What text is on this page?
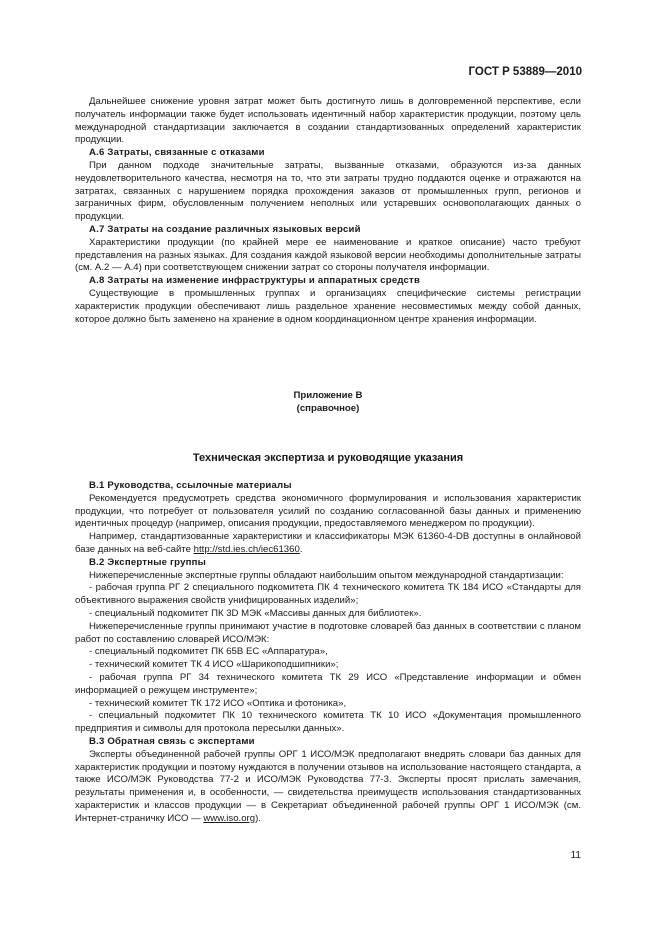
ГОСТ Р 53889—2010

Дальнейшее снижение уровня затрат может быть достигнуто лишь в долговременной перспективе, если получатель информации также будет использовать идентичный набор характеристик продукции, поэтому цель международной стандартизации заключается в создании стандартизованных определений характеристик продукции.

А.6 Затраты, связанные с отказами

При данном подходе значительные затраты, вызванные отказами, образуются из-за данных неудовлетворительного качества, несмотря на то, что эти затраты трудно поддаются оценке и отражаются на затратах, связанных с нарушением порядка прохождения заказов от промышленных групп, регионов и заграничных фирм, обусловленным получением неполных или устаревших основополагающих данных о продукции.

А.7 Затраты на создание различных языковых версий

Характеристики продукции (по крайней мере ее наименование и краткое описание) часто требуют представления на разных языках. Для создания каждой языковой версии необходимы дополнительные затраты (см. А.2 — А.4) при соответствующем снижении затрат со стороны получателя информации.

А.8 Затраты на изменение инфраструктуры и аппаратных средств

Существующие в промышленных группах и организациях специфические системы регистрации характеристик продукции обеспечивают лишь раздельное хранение несовместимых между собой данных, которое должно быть заменено на хранение в одном координационном центре хранения информации.

Приложение В
(справочное)
Техническая экспертиза и руководящие указания

В.1 Руководства, ссылочные материалы

Рекомендуется предусмотреть средства экономичного формулирования и использования характеристик продукции, что потребует от пользователя усилий по созданию согласованной базы данных и применению идентичных процедур (например, описания продукции, предоставляемого менеджером по продукции).

Например, стандартизованные характеристики и классификаторы МЭК 61360-4-DB доступны в онлайновой базе данных на веб-сайте http://std.ies.ch/iec61360.

В.2 Экспертные группы

Нижеперечисленные экспертные группы обладают наибольшим опытом международной стандартизации:

- рабочая группа РГ 2 специального подкомитета ПК 4 технического комитета ТК 184 ИСО «Стандарты для объективного выражения свойств унифицированных изделий»;

- специальный подкомитет ПК 3D МЭК «Массивы данных для библиотек».

Нижеперечисленные группы принимают участие в подготовке словарей баз данных в соответствии с планом работ по составлению словарей ИСО/МЭК:

- специальный подкомитет ПК 65В ЕС «Аппаратура»,

- технический комитет ТК 4 ИСО «Шарикоподшипники»;

- рабочая группа РГ 34 технического комитета ТК 29 ИСО «Представление информации и обмен информацией о режущем инструменте»;

- технический комитет ТК 172 ИСО «Оптика и фотоника»,

- специальный подкомитет ПК 10 технического комитета ТК 10 ИСО «Документация промышленного предприятия и символы для протокола пересылки данных».

В.3 Обратная связь с экспертами

Эксперты объединенной рабочей группы ОРГ 1 ИСО/МЭК предполагают внедрять словари баз данных для характеристик продукции и поэтому нуждаются в получении отзывов на использование настоящего стандарта, а также ИСО/МЭК Руководства 77-2 и ИСО/МЭК Руководства 77-3. Эксперты просят прислать замечания, результаты применения и, в особенности, — свидетельства преимуществ использования стандартизованных характеристик и классов продукции — в Секретариат объединенной рабочей группы ОРГ 1 ИСО/МЭК (см. Интернет-страничку ИСО — www.iso.org).

11
